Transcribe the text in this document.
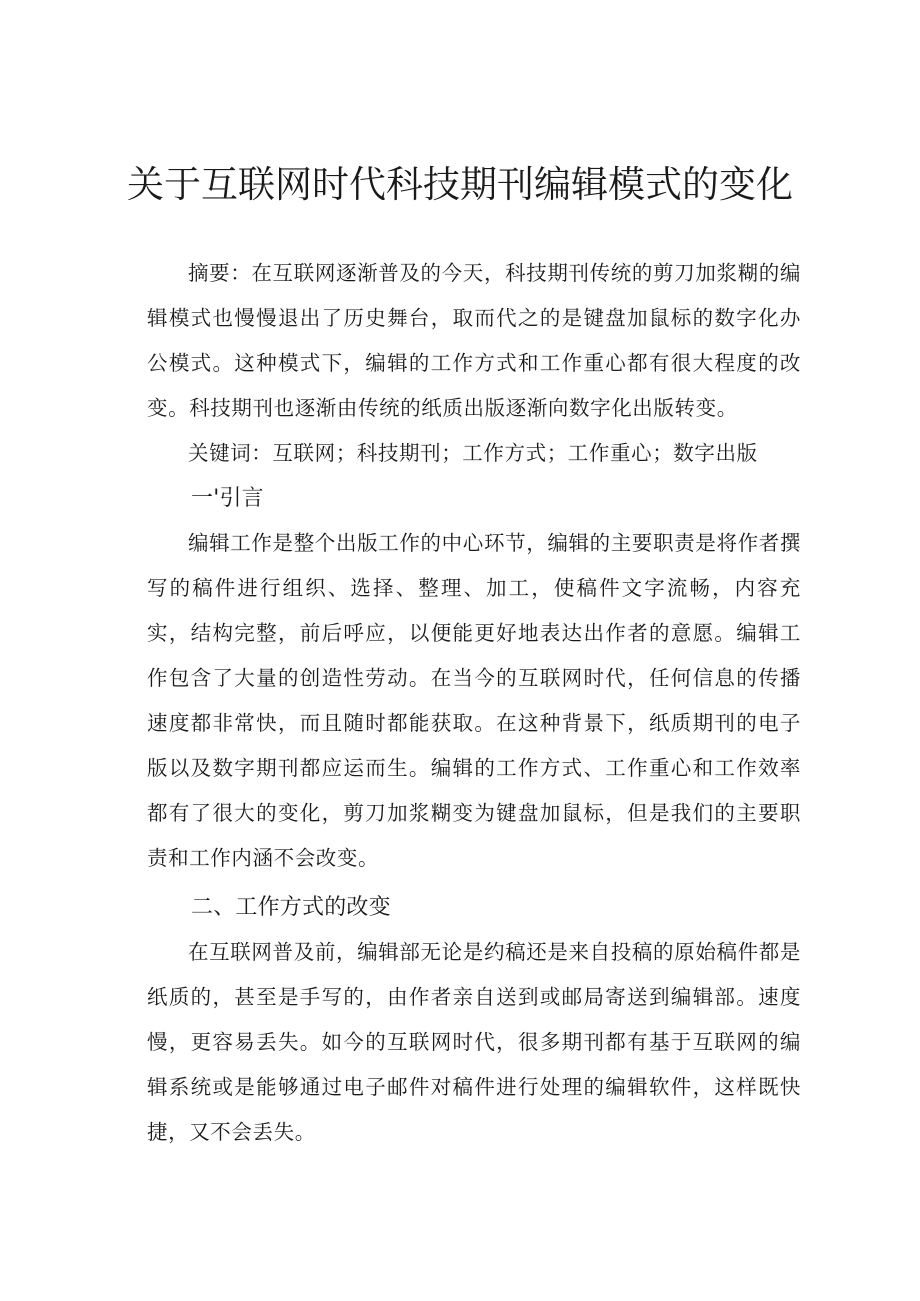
关于互联网时代科技期刊编辑模式的变化

摘要：在互联网逐渐普及的今天，科技期刊传统的剪刀加浆糊的编辑模式也慢慢退出了历史舞台，取而代之的是键盘加鼠标的数字化办公模式。这种模式下，编辑的工作方式和工作重心都有很大程度的改变。科技期刊也逐渐由传统的纸质出版逐渐向数字化出版转变。

关键词：互联网；科技期刊；工作方式；工作重心；数字出版
一'引言

编辑工作是整个出版工作的中心环节，编辑的主要职责是将作者撰写的稿件进行组织、选择、整理、加工，使稿件文字流畅，内容充实，结构完整，前后呼应，以便能更好地表达出作者的意愿。编辑工作包含了大量的创造性劳动。在当今的互联网时代，任何信息的传播速度都非常快，而且随时都能获取。在这种背景下，纸质期刊的电子版以及数字期刊都应运而生。编辑的工作方式、工作重心和工作效率都有了很大的变化，剪刀加浆糊变为键盘加鼠标，但是我们的主要职责和工作内涵不会改变。

二、工作方式的改变

在互联网普及前，编辑部无论是约稿还是来自投稿的原始稿件都是纸质的，甚至是手写的，由作者亲自送到或邮局寄送到编辑部。速度慢，更容易丢失。如今的互联网时代，很多期刊都有基于互联网的编辑系统或是能够通过电子邮件对稿件进行处理的编辑软件，这样既快捷，又不会丢失。
